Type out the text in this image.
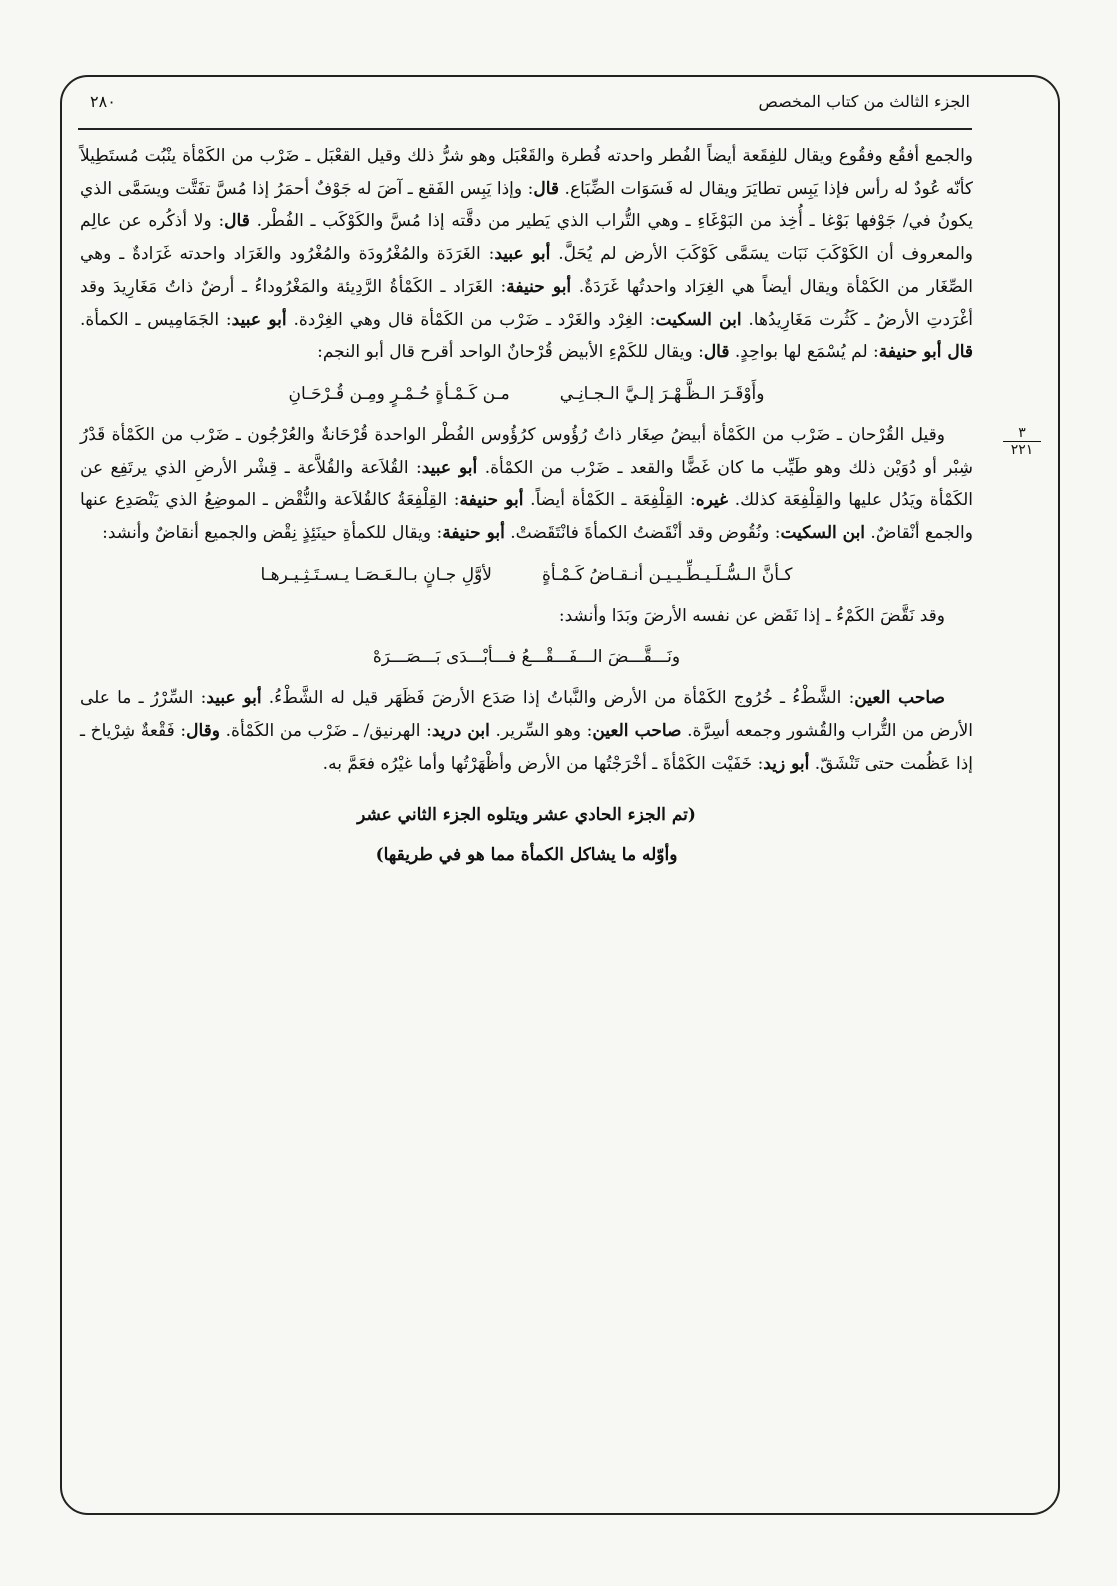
الجزء الثالث من كتاب المخصص
٢٨٠
٣
٢٢١

والجمع أفقُع وفقُوع ويقال للفِقَعة أيضاً الفُطر واحدته فُطرة والقَعْبَل وهو شرُّ ذلك وقيل القعْبَل ـ ضَرْب من الكَمْأة ينْبُت مُستَطِيلاً كأنّه عُودٌ له رأس فإذا يَبِس تطايَرَ ويقال له فَسَوَات الضِّبَاع. قال: وإذا يَبِس الفَقع ـ آضَ له جَوْفٌ أحمَرُ إذا مُسَّ تفَتَّت ويسَمَّى الذي يكونُ في/ جَوْفها بَوْغا ـ أُخِذ من البَوْغَاءِ ـ وهي التُّراب الذي يَطير من دقَّته إذا مُسَّ والكَوْكَب ـ الفُطْر. قال: ولا أذكُره عن عالِم والمعروف أن الكَوْكَبَ نَبَات يسَمَّى كَوْكَبَ الأرض لم يُحَلَّ. أبو عبيد: الغَرَدَة والمُغْرُودَة والمُغْرُود والغَرَاد واحدته غَرَادةٌ ـ وهي الصِّغَار من الكَمْأة ويقال أيضاً هي الغِرَاد واحدتُها غَرَدَةٌ. أبو حنيفة: الغَرَاد ـ الكَمْأةُ الرَّدِيئة والمَغْرُوداءُ ـ أرضٌ ذاتُ مَغَارِيدَ وقد أغْرَدتِ الأرضُ ـ كَثُرت مَغَارِيدُها. ابن السكيت: الغِرْد والغَرْد ـ ضَرْب من الكَمْأة قال وهي الغِرْدة. أبو عبيد: الجَمَامِيس ـ الكمأة. قال أبو حنيفة: لم يُسْمَع لها بواحِدٍ. قال: ويقال للكَمْءِ الأبيض قُرْحانٌ الواحد أقرح قال أبو النجم:

وأَوْقَـرَ الـظَّـهْـرَ إلـيَّ الـجـانِـي
مـن كَـمْـأةٍ حُـمْـرٍ ومِـن قُـرْحَـانِ

وقيل القُرْحان ـ ضَرْب من الكَمْأة أبيضُ صِغَار ذاتُ رُؤُوس كرُؤُوس الفُطْر الواحدة قُرْحَانةٌ والعُرْجُون ـ ضَرْب من الكَمْأة قَدْرُ شِبْر أو دُوَيْن ذلك وهو طَيِّب ما كان غَضًّا والقعد ـ ضَرْب من الكمْأة. أبو عبيد: القُلاَعة والقُلاَّعة ـ قِشْر الأرضِ الذي يرتَفِع عن الكَمْأة ويَدُل عليها والقِلْفِعَة كذلك. غيره: القِلْفِعَة ـ الكَمْأة أيضاً. أبو حنيفة: القِلْفِعَةُ كالقُلاَعة والنُّقْض ـ الموضِعُ الذي يَنْصَدِع عنها والجمع أنْقاضٌ. ابن السكيت: ونُقُوض وقد أنْقَضتُ الكمأةَ فانْتَقَضتْ. أبو حنيفة: ويقال للكمأةِ حينَئِذٍ نِقْض والجميع أنقاضٌ وأنشد:

كـأنَّ الـسُّـلَـيـطِّـيـيـن أنـقـاضُ كَـمْـأةٍ
لأوَّلِ جـانٍ بـالـعَـصَـا يـسـتَـثِـيـرهـا

وقد نَقَّضَ الكَمْءُ ـ إذا نَقَض عن نفسه الأرضَ وبَدَا وأنشد:

ونَـــقَّـــضَ الـــفَـــقْـــعُ فـــأبْـــدَى بَـــصَـــرَهْ

صاحب العين: الشَّطْءُ ـ خُرُوج الكَمْأة من الأرض والنَّباتُ إذا صَدَع الأرضَ فَظَهَر قيل له الشَّطْءُ. أبو عبيد: السِّرْرُ ـ ما على الأرض من التُّراب والقُشور وجمعه أسِرَّة. صاحب العين: وهو السِّرير. ابن دريد: الهرنيق/ ـ ضَرْب من الكَمْأة. وقال: فَقْعةٌ شِرْياخ ـ إذا عَظُمت حتى تَنْشَقّ. أبو زيد: خَفَيْت الكَمْأةَ ـ أخْرَجْتُها من الأرض وأظْهَرْتُها وأما غيْرُه فعَمَّ به.

(تم الجزء الحادي عشر ويتلوه الجزء الثاني عشر
وأوّله ما يشاكل الكمأة مما هو في طريقها)
